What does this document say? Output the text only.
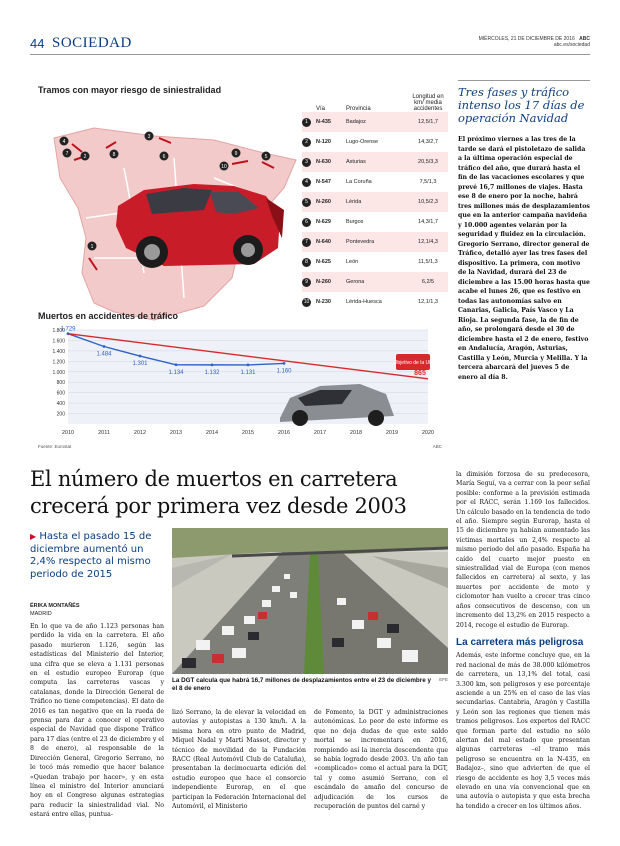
44 SOCIEDAD	MIÉRCOLES, 21 DE DICIEMBRE DE 2016 ABC
abc.es/sociedad
Tramos con mayor riesgo de siniestralidad
4
7	2	8
3
6
10
9	5
1
Vía	Provincia
Longitud en km/ media accidentes
1	N-435	Badajoz	12,5/1,7
2	N-120	Lugo-Orense	14,3/2,7
3	N-630	Asturias	20,5/3,3
4	N-547	La Coruña	7,5/1,3
5	N-260	Lérida	10,5/2,3
6	N-629	Burgos	14,3/1,7
7	N-640	Pontevedra	12,1/4,3
8	N-625	León	11,5/1,3
9	N-260	Gerona	6,2/5
10	N-230	Lérida-Huesca	12,1/1,3
Muertos en accidentes de tráfico
200
400
600
800
1.000
1.200
1.400
1.600
1.800
2010	2011	2012	2013	2014	2015	2016	2017	2018	2019	2020
1.729
1.484
1.301
1.134	1.132	1.131	1.160	865
Objetivo de la UE
Fuente: Eurostat	ABC
Tres fases y tráfico intenso los 17 días de operación Navidad
El próximo viernes a las tres de la tarde se dará el pistoletazo de salida a la última operación especial de tráfico del año, que durará hasta el fin de las vacaciones escolares y que prevé 16,7 millones de viajes. Hasta ese 8 de enero por la noche, habrá tres millones más de desplazamientos que en la anterior campaña navideña y 10.000 agentes velarán por la seguridad y fluidez en la circulación. Gregorio Serrano, director general de Tráfico, detalló ayer las tres fases del dispositivo. La primera, con motivo de la Navidad, durará del 23 de diciembre a las 15.00 horas hasta que acabe el lunes 26, que es festivo en todas las autonomías salvo en Canarias, Galicia, País Vasco y La Rioja. La segunda fase, la de fin de año, se prolongará desde el 30 de diciembre hasta el 2 de enero, festivo en Andalucía, Aragón, Asturias, Castilla y León, Murcia y Melilla. Y la tercera abarcará del jueves 5 de enero al día 8.
El número de muertos en carretera crecerá por primera vez desde 2003
▶ Hasta el pasado 15 de diciembre aumentó un 2,4% respecto al mismo periodo de 2015
ÉRIKA MONTAÑÉS
MADRID
En lo que va de año 1.123 personas han perdido la vida en la carretera. El año pasado murieron 1.126, según las estadísticas del Ministerio del Interior, una cifra que se eleva a 1.131 personas en el estudio europeo Eurorap (que computa las carreteras vascas y catalanas, donde la Dirección General de Tráfico no tiene competencias). El dato de 2016 es tan negativo que en la rueda de prensa para dar a conocer el operativo especial de Navidad que dispone Tráfico para 17 días (entre el 23 de diciembre y el 8 de enero), al responsable de la Dirección General, Gregorio Serrano, no le tocó más remedio que hacer balance «Quedan trabajo por hacer», y en esta línea el ministro del Interior anunciará hoy en el Congreso algunas estrategias para reducir la siniestralidad vial. No estará entre ellas, puntua-
La DGT calcula que habrá 16,7 millones de desplazamientos entre el 23 de diciembre y el 8 de enero
EFE
lizó Serrano, la de elevar la velocidad en autovías y autopistas a 130 km/h. A la misma hora en otro punto de Madrid, Miquel Nadal y Martí Massot, director y técnico de movilidad de la Fundación RACC (Real Automóvil Club de Cataluña), presentaban la decimocuarta edición del estudio europeo que hace el consorcio independiente Eurorap, en el que participan la Federación Internacional del Automóvil, el Ministerio
de Fomento, la DGT y administraciones autonómicas. Lo peor de este informe es que no deja dudas de que este saldo mortal se incrementará en 2016, rompiendo así la inercia descendente que se había logrado desde 2003. Un año tan «complicado» como el actual para la DGT, tal y como asumió Serrano, con el escándalo de amaño del concurso de adjudicación de los cursos de recuperación de puntos del carné y
la dimisión forzosa de su predecesora, María Seguí, va a cerrar con la peor señal posible: conforme a la previsión estimada por el RACC, serán 1.169 los fallecidos. Un cálculo basado en la tendencia de todo el año. Siempre según Eurorap, hasta el 15 de diciembre ya habían aumentado las víctimas mortales un 2,4% respecto al mismo periodo del año pasado. España ha caído del cuarto mejor puesto en siniestralidad vial de Europa (con menos fallecidos en carretera) al sexto, y las muertes por accidente de moto y ciclomotor han vuelto a crecer tras cinco años consecutivos de descenso, con un incremento del 13,2% en 2015 respecto a 2014, recoge el estudio de Eurorap.
La carretera más peligrosa
Además, este informe concluye que, en la red nacional de más de 38.000 kilómetros de carretera, un 13,1% del total, casi 3.300 km, son peligrosos y ese porcentaje asciende a un 25% en el caso de las vías secundarias. Cantabria, Aragón y Castilla y León son las regiones que tienen más tramos peligrosos. Los expertos del RACC que forman parte del estudio no sólo alertan del mal estado que presentan algunas carreteras –el tramo más peligroso se encuentra en la N-435, en Badajoz–, sino que advierten de que el riesgo de accidente es hoy 3,5 veces más elevado en una vía convencional que en una autovía o autopista y que esta brecha ha tendido a crecer en los últimos años.
